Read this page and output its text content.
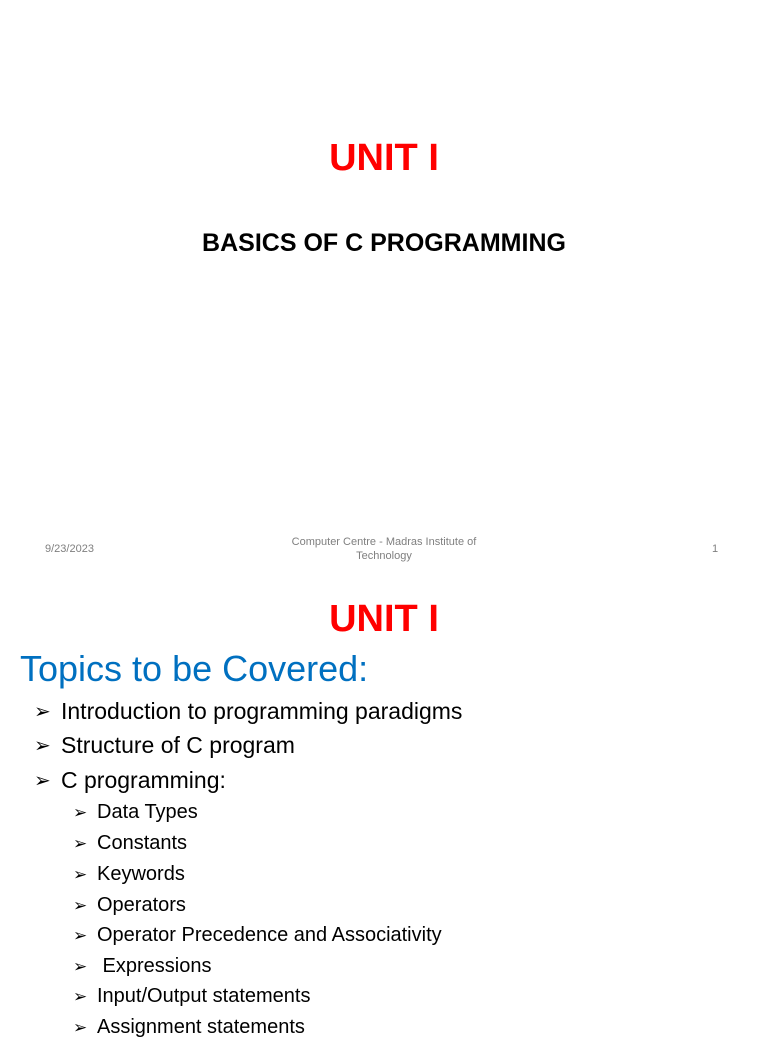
UNIT I
BASICS OF C PROGRAMMING
9/23/2023
Computer Centre - Madras Institute of Technology
1
UNIT I
Topics to be Covered:
➢ Introduction to programming paradigms
➢ Structure of C program
➢ C programming:
➢ Data Types
➢ Constants
➢ Keywords
➢ Operators
➢ Operator Precedence and Associativity
➢ Expressions
➢ Input/Output statements
➢ Assignment statements
